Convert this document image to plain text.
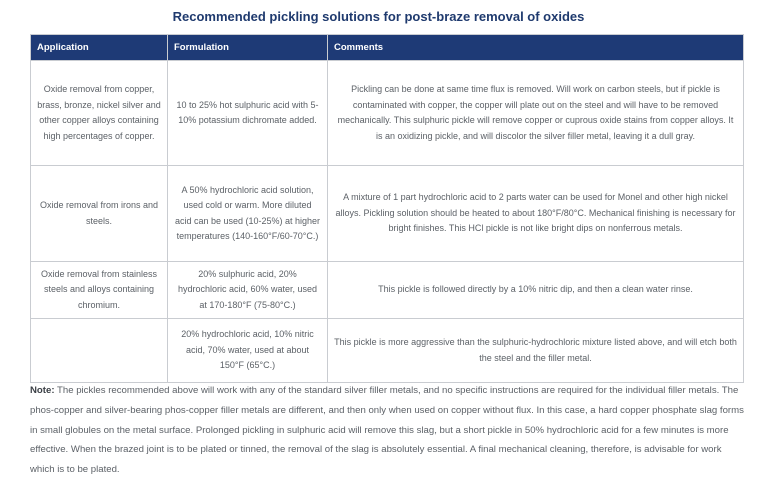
Recommended pickling solutions for post-braze removal of oxides
Application	Formulation	Comments
Oxide removal from copper, brass, bronze, nickel silver and other copper alloys containing high percentages of copper.	10 to 25% hot sulphuric acid with 5-10% potassium dichromate added.	Pickling can be done at same time flux is removed. Will work on carbon steels, but if pickle is contaminated with copper, the copper will plate out on the steel and will have to be removed mechanically. This sulphuric pickle will remove copper or cuprous oxide stains from copper alloys. It is an oxidizing pickle, and will discolor the silver filler metal, leaving it a dull gray.
Oxide removal from irons and steels.	A 50% hydrochloric acid solution, used cold or warm. More diluted acid can be used (10-25%) at higher temperatures (140-160°F/60-70°C.)	A mixture of 1 part hydrochloric acid to 2 parts water can be used for Monel and other high nickel alloys. Pickling solution should be heated to about 180°F/80°C. Mechanical finishing is necessary for bright finishes. This HCl pickle is not like bright dips on nonferrous metals.
Oxide removal from stainless steels and alloys containing chromium.	20% sulphuric acid, 20% hydrochloric acid, 60% water, used at 170-180°F (75-80°C.)	This pickle is followed directly by a 10% nitric dip, and then a clean water rinse.
	20% hydrochloric acid, 10% nitric acid, 70% water, used at about 150°F (65°C.)	This pickle is more aggressive than the sulphuric-hydrochloric mixture listed above, and will etch both the steel and the filler metal.
Note: The pickles recommended above will work with any of the standard silver filler metals, and no specific instructions are required for the individual filler metals. The phos-copper and silver-bearing phos-copper filler metals are different, and then only when used on copper without flux. In this case, a hard copper phosphate slag forms in small globules on the metal surface. Prolonged pickling in sulphuric acid will remove this slag, but a short pickle in 50% hydrochloric acid for a few minutes is more effective. When the brazed joint is to be plated or tinned, the removal of the slag is absolutely essential. A final mechanical cleaning, therefore, is advisable for work which is to be plated.
